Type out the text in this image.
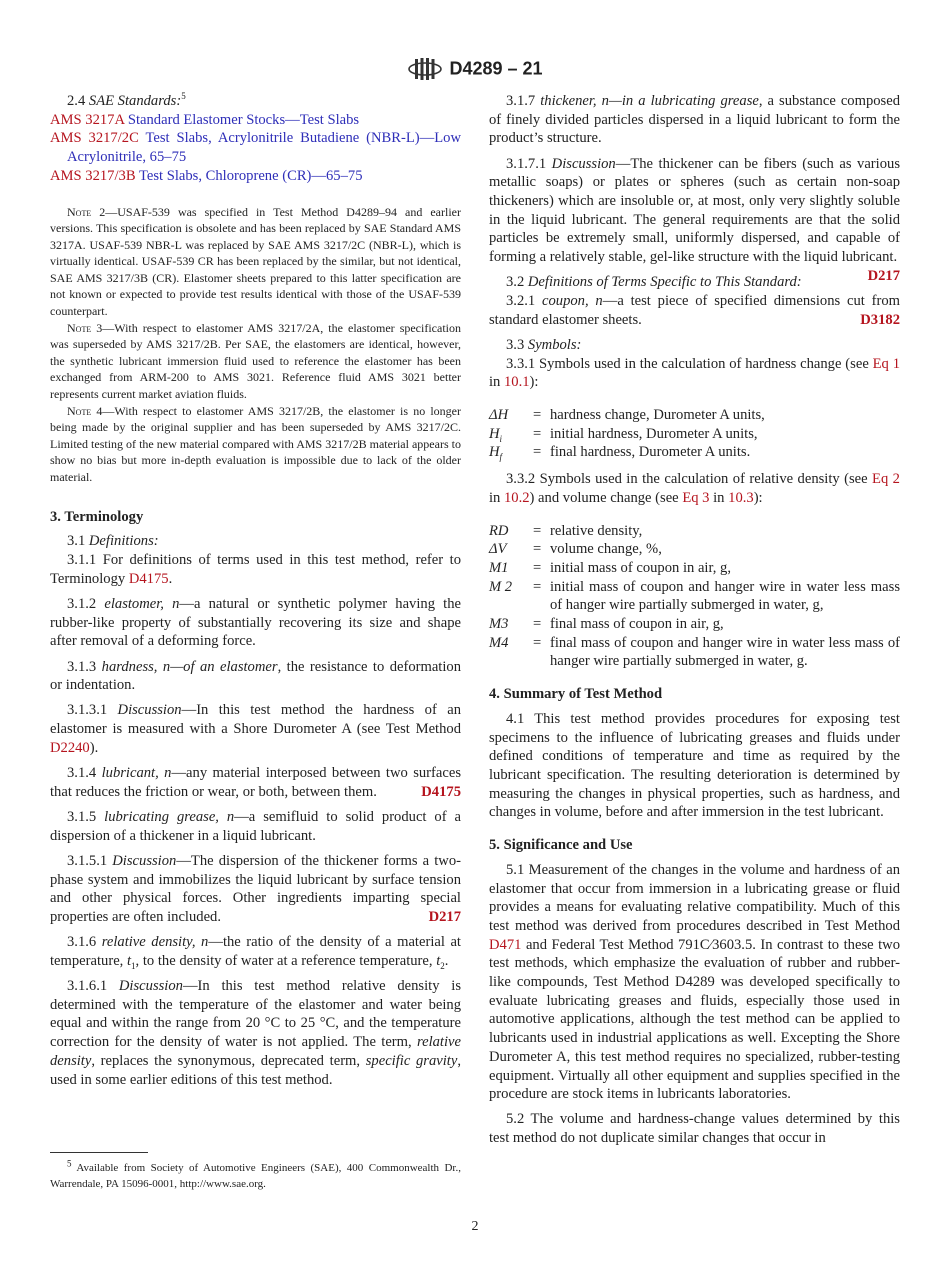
D4289 – 21

2.4 SAE Standards:$^5$

AMS 3217A Standard Elastomer Stocks—Test Slabs

AMS 3217/2C Test Slabs, Acrylonitrile Butadiene (NBR-L)—Low Acrylonitrile, 65–75

AMS 3217/3B Test Slabs, Chloroprene (CR)—65–75

Note 2—USAF-539 was specified in Test Method D4289–94 and earlier versions. This specification is obsolete and has been replaced by SAE Standard AMS 3217A. USAF-539 NBR-L was replaced by SAE AMS 3217/2C (NBR-L), which is virtually identical. USAF-539 CR has been replaced by the similar, but not identical, SAE AMS 3217/3B (CR). Elastomer sheets prepared to this latter specification are not known or expected to provide test results identical with those of the USAF-539 counterpart.

Note 3—With respect to elastomer AMS 3217/2A, the elastomer specification was superseded by AMS 3217/2B. Per SAE, the elastomers are identical, however, the synthetic lubricant immersion fluid used to reference the elastomer has been exchanged from ARM-200 to AMS 3021. Reference fluid AMS 3021 better represents current market aviation fluids.

Note 4—With respect to elastomer AMS 3217/2B, the elastomer is no longer being made by the original supplier and has been superseded by AMS 3217/2C. Limited testing of the new material compared with AMS 3217/2B material appears to show no bias but more in-depth evaluation is impossible due to lack of the older material.

3. Terminology

3.1 Definitions:

3.1.1 For definitions of terms used in this test method, refer to Terminology D4175.

3.1.2 elastomer, n—a natural or synthetic polymer having the rubber-like property of substantially recovering its size and shape after removal of a deforming force.

3.1.3 hardness, n—of an elastomer, the resistance to deformation or indentation.

3.1.3.1 Discussion—In this test method the hardness of an elastomer is measured with a Shore Durometer A (see Test Method D2240).

3.1.4 lubricant, n—any material interposed between two surfaces that reduces the friction or wear, or both, between them.	D4175

3.1.5 lubricating grease, n—a semifluid to solid product of a dispersion of a thickener in a liquid lubricant.

3.1.5.1 Discussion—The dispersion of the thickener forms a two-phase system and immobilizes the liquid lubricant by surface tension and other physical forces. Other ingredients imparting special properties are often included.	D217

3.1.6 relative density, n—the ratio of the density of a material at temperature, $t_1$, to the density of water at a reference temperature, $t_2$.

3.1.6.1 Discussion—In this test method relative density is determined with the temperature of the elastomer and water being equal and within the range from 20 °C to 25 °C, and the temperature correction for the density of water is not applied. The term, relative density, replaces the synonymous, deprecated term, specific gravity, used in some earlier editions of this test method.

$^5$ Available from Society of Automotive Engineers (SAE), 400 Commonwealth Dr., Warrendale, PA 15096-0001, http://www.sae.org.

3.1.7 thickener, n—in a lubricating grease, a substance composed of finely divided particles dispersed in a liquid lubricant to form the product’s structure.

3.1.7.1 Discussion—The thickener can be fibers (such as various metallic soaps) or plates or spheres (such as certain non-soap thickeners) which are insoluble or, at most, only very slightly soluble in the liquid lubricant. The general requirements are that the solid particles be extremely small, uniformly dispersed, and capable of forming a relatively stable, gel-like structure with the liquid lubricant.
D217

3.2 Definitions of Terms Specific to This Standard:

3.2.1 coupon, n—a test piece of specified dimensions cut from standard elastomer sheets.	D3182

3.3 Symbols:

3.3.1 Symbols used in the calculation of hardness change (see Eq 1 in 10.1):

ΔH = hardness change, Durometer A units,

$H_i$ = initial hardness, Durometer A units,

$H_f$ = final hardness, Durometer A units.

3.3.2 Symbols used in the calculation of relative density (see Eq 2 in 10.2) and volume change (see Eq 3 in 10.3):

RD = relative density,

ΔV = volume change, %,

M1 = initial mass of coupon in air, g,

M 2 = initial mass of coupon and hanger wire in water less mass of hanger wire partially submerged in water, g,

M3 = final mass of coupon in air, g,

M4 = final mass of coupon and hanger wire in water less mass of hanger wire partially submerged in water, g.

4. Summary of Test Method

4.1 This test method provides procedures for exposing test specimens to the influence of lubricating greases and fluids under defined conditions of temperature and time as required by the lubricant specification. The resulting deterioration is determined by measuring the changes in physical properties, such as hardness, and changes in volume, before and after immersion in the test lubricant.

5. Significance and Use

5.1 Measurement of the changes in the volume and hardness of an elastomer that occur from immersion in a lubricating grease or fluid provides a means for evaluating relative compatibility. Much of this test method was derived from procedures described in Test Method D471 and Federal Test Method 791C⁄3603.5. In contrast to these two test methods, which emphasize the evaluation of rubber and rubber-like compounds, Test Method D4289 was developed specifically to evaluate lubricating greases and fluids, especially those used in automotive applications, although the test method can be applied to lubricants used in industrial applications as well. Excepting the Shore Durometer A, this test method requires no specialized, rubber-testing equipment. Virtually all other equipment and supplies specified in the procedure are stock items in lubricants laboratories.

5.2 The volume and hardness-change values determined by this test method do not duplicate similar changes that occur in

2
